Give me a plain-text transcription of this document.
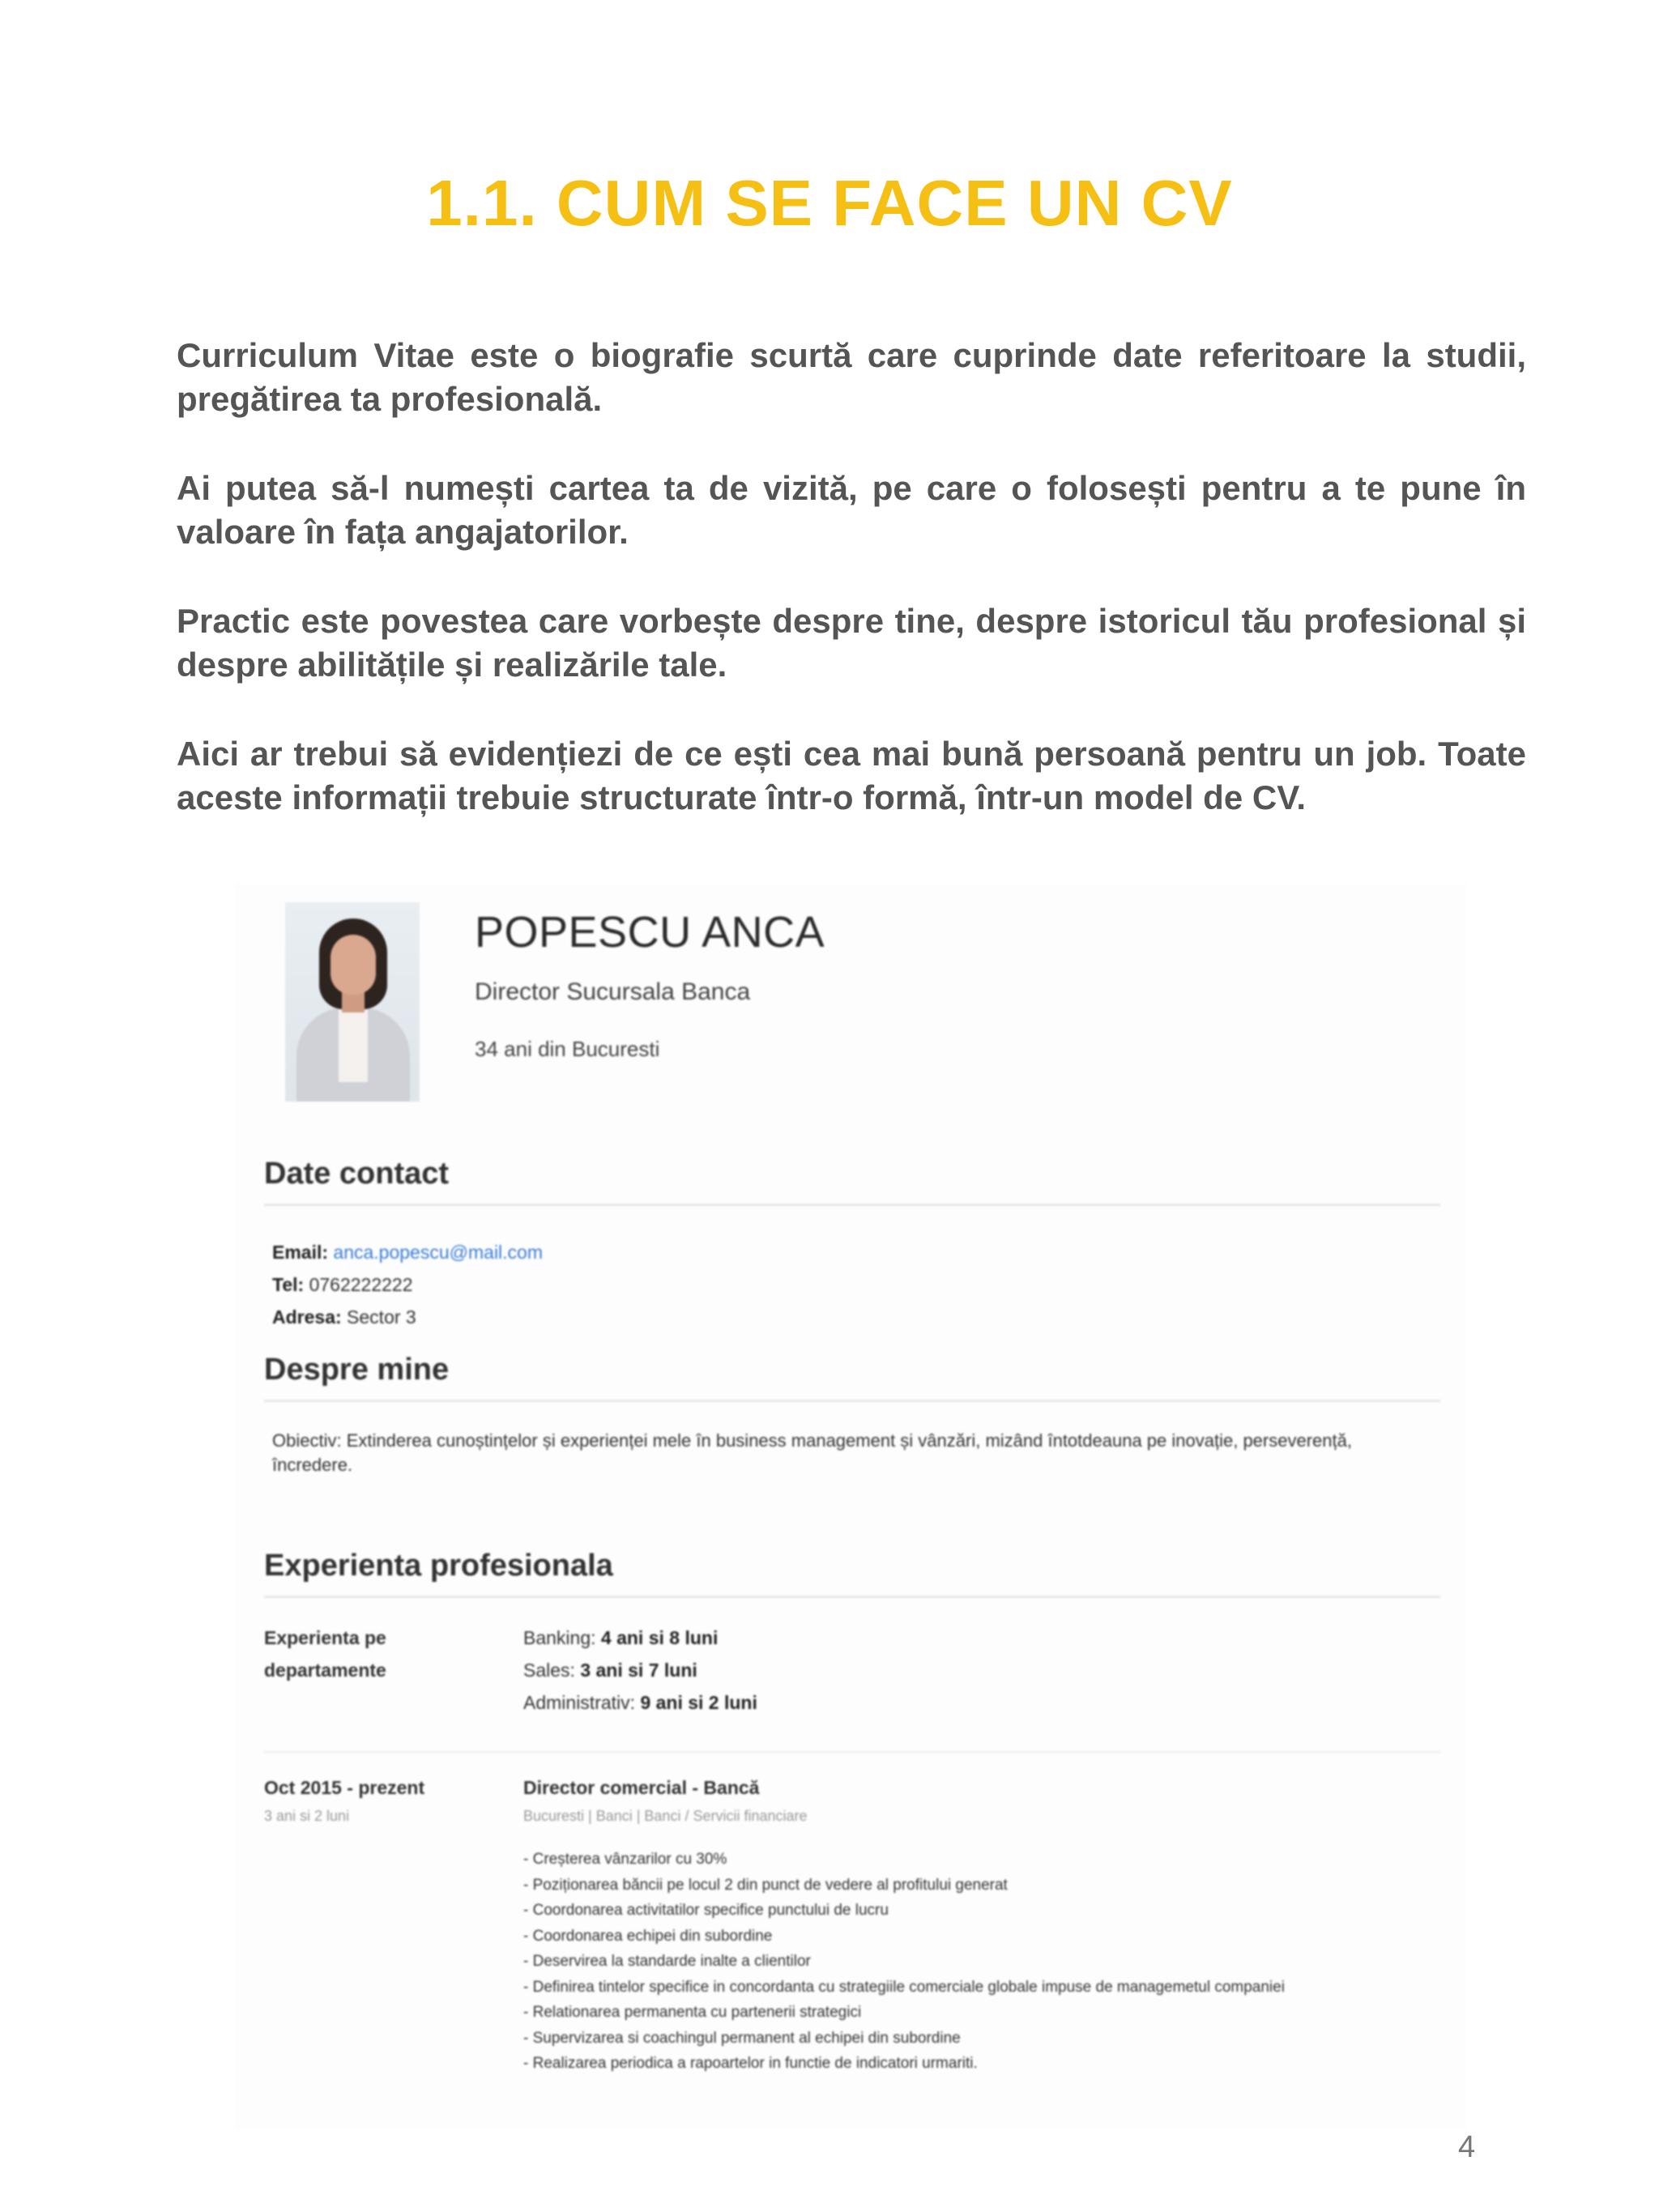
1.1. CUM SE FACE UN CV

Curriculum Vitae este o biografie scurtă care cuprinde date referitoare la studii, pregătirea ta profesională.

Ai putea să-l numești cartea ta de vizită, pe care o folosești pentru a te pune în valoare în fața angajatorilor.

Practic este povestea care vorbește despre tine, despre istoricul tău profesional și despre abilitățile și realizările tale.

Aici ar trebui să evidențiezi de ce ești cea mai bună persoană pentru un job. Toate aceste informații trebuie structurate într-o formă, într-un model de CV.

POPESCU ANCA
Director Sucursala Banca
34 ani din Bucuresti
Date contact
Email: anca.popescu@mail.com
Tel: 0762222222
Adresa: Sector 3
Despre mine
Obiectiv: Extinderea cunoștințelor și experienței mele în business management și vânzări, mizând întotdeauna pe inovație, perseverență, încredere.
Experienta profesionala
Experienta pe
departamente
Banking: 4 ani si 8 luni
Sales: 3 ani si 7 luni
Administrativ: 9 ani si 2 luni
Oct 2015 - prezent
3 ani si 2 luni
Director comercial - Bancă
Bucuresti | Banci | Banci / Servicii financiare
- Creșterea vânzarilor cu 30%
- Poziționarea băncii pe locul 2 din punct de vedere al profitului generat
- Coordonarea activitatilor specifice punctului de lucru
- Coordonarea echipei din subordine
- Deservirea la standarde inalte a clientilor
- Definirea tintelor specifice in concordanta cu strategiile comerciale globale impuse de managemetul companiei
- Relationarea permanenta cu partenerii strategici
- Supervizarea si coachingul permanent al echipei din subordine
- Realizarea periodica a rapoartelor in functie de indicatori urmariti.
4
